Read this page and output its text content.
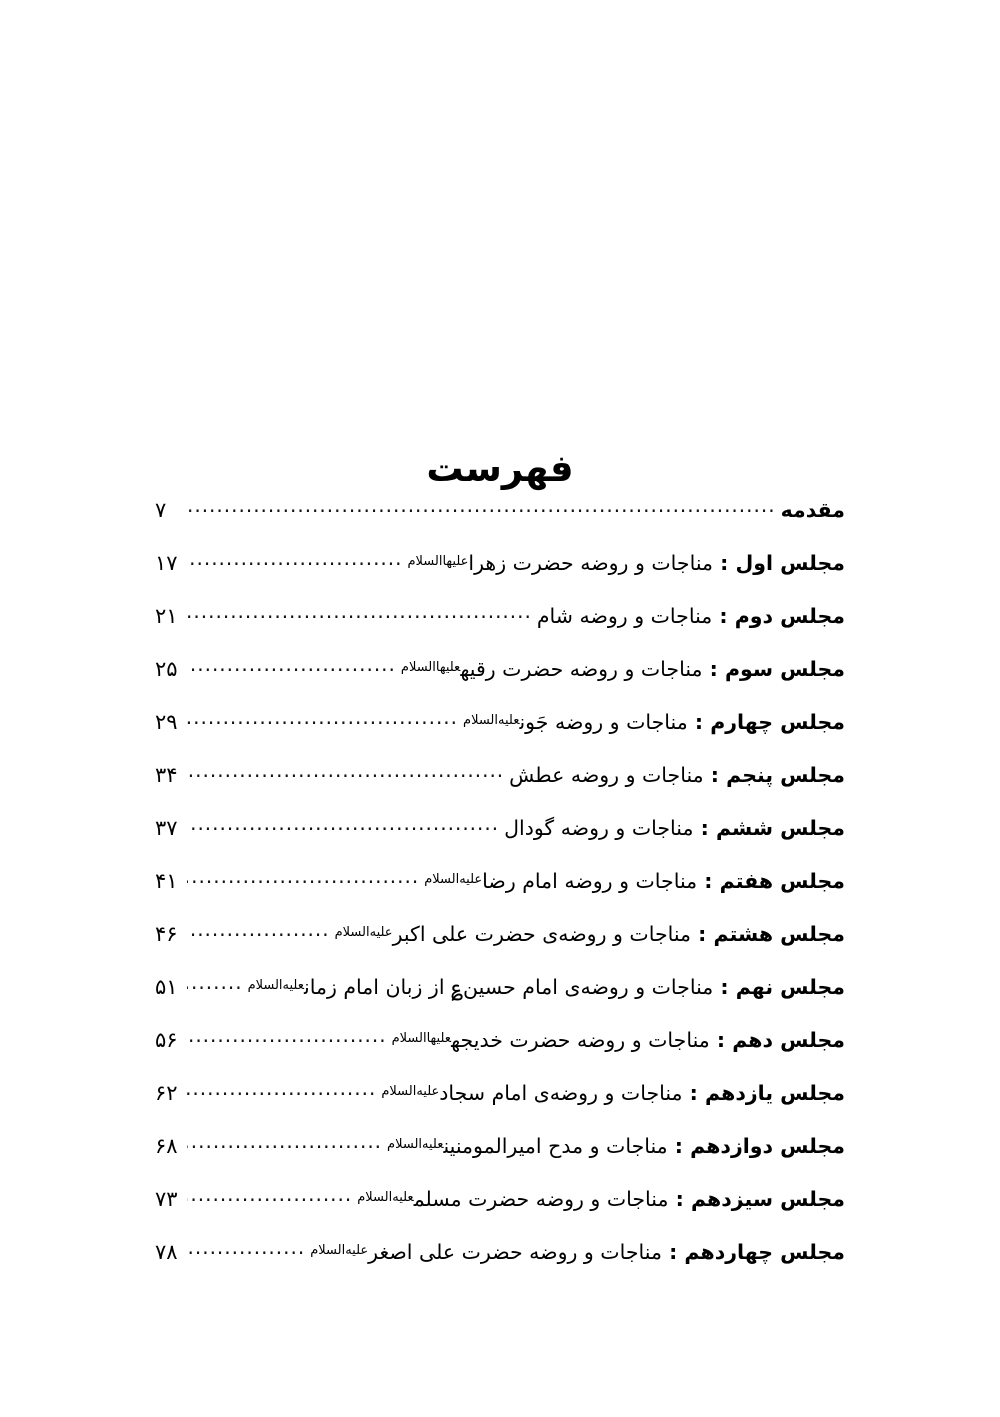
فهرست
مقدمه
.....
۷
مجلس اول : مناجات و روضه حضرت زهرا$^{علیهاالسلام}$
.....
۱۷
مجلس دوم : مناجات و روضه شام
.....
۲۱
مجلس سوم : مناجات و روضه حضرت رقیه$^{علیهاالسلام}$
.....
۲۵
مجلس چهارم : مناجات و روضه جَون$^{علیه‌السلام}$
.....
۲۹
مجلس پنجم : مناجات و روضه عطش
.....
۳۴
مجلس ششم : مناجات و روضه گودال
.....
۳۷
مجلس هفتم : مناجات و روضه امام رضا$^{علیه‌السلام}$
.....
۴۱
مجلس هشتم : مناجات و روضه‌ی حضرت علی اکبر$^{علیه‌السلام}$
.....
۴۶
مجلس نهم : مناجات و روضه‌ی امام حسین؏ از زبان امام زمان$^{علیه‌السلام}$
.....
۵۱
مجلس دهم : مناجات و روضه حضرت خدیجه$^{علیهاالسلام}$
.....
۵۶
مجلس یازدهم : مناجات و روضه‌ی امام سجاد$^{علیه‌السلام}$
.....
۶۲
مجلس دوازدهم : مناجات و مدح امیرالمومنین$^{علیه‌السلام}$
.....
۶۸
مجلس سیزدهم : مناجات و روضه حضرت مسلم$^{علیه‌السلام}$
.....
۷۳
مجلس چهاردهم : مناجات و روضه حضرت علی اصغر$^{علیه‌السلام}$
.....
۷۸
